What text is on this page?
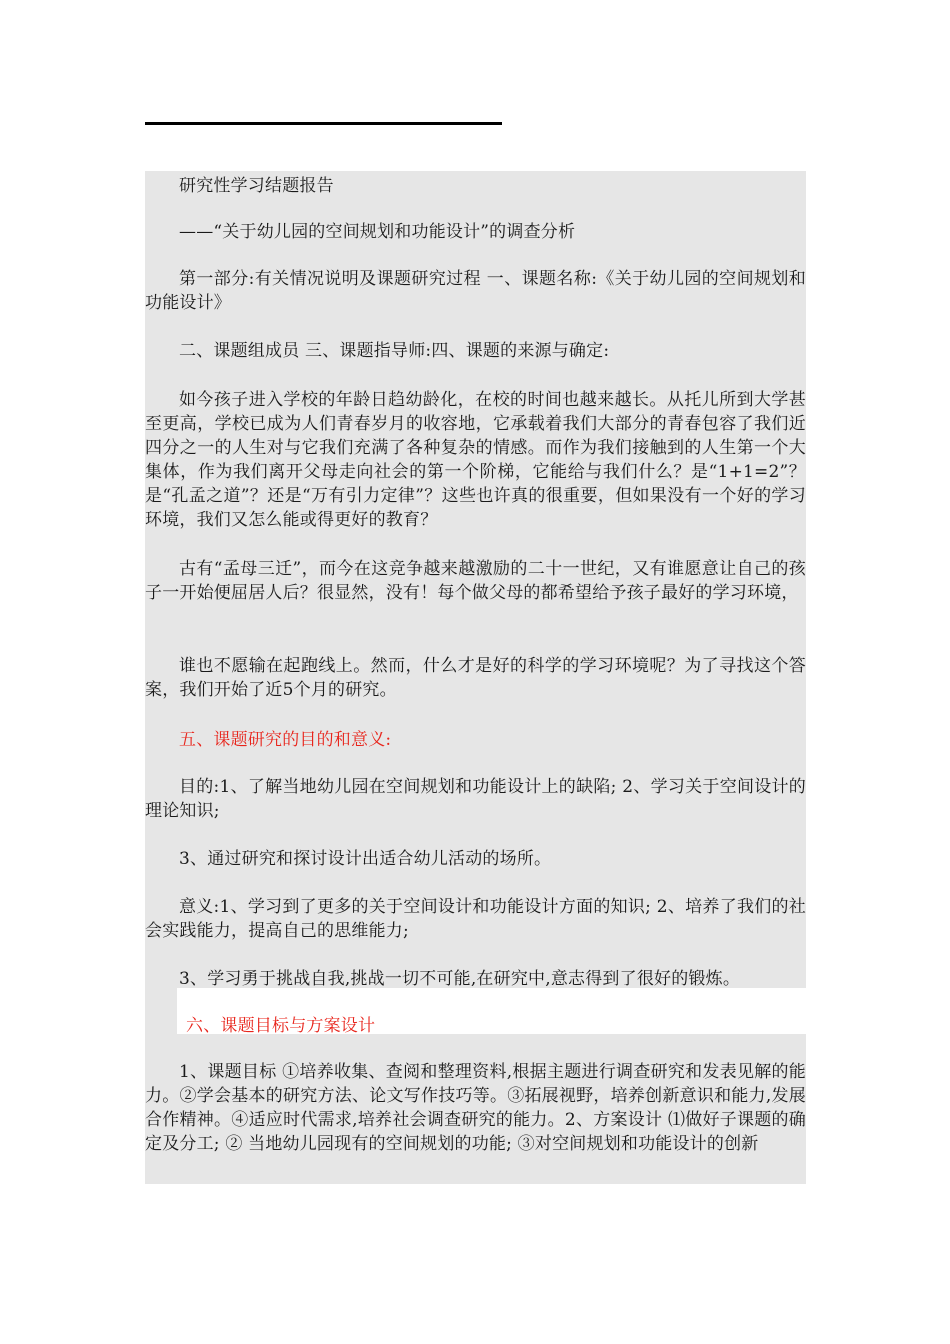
研究性学习结题报告
——“关于幼儿园的空间规划和功能设计”的调查分析
第一部分:有关情况说明及课题研究过程 一、课题名称:《关于幼儿园的空间规划和功能设计》
二、课题组成员 三、课题指导师:四、课题的来源与确定:
如今孩子进入学校的年龄日趋幼龄化，在校的时间也越来越长。从托儿所到大学甚至更高，学校已成为人们青春岁月的收容地，它承载着我们大部分的青春包容了我们近四分之一的人生对与它我们充满了各种复杂的情感。而作为我们接触到的人生第一个大集体，作为我们离开父母走向社会的第一个阶梯，它能给与我们什么？是“1+1=2”？是“孔孟之道”？还是“万有引力定律”？这些也许真的很重要，但如果没有一个好的学习环境，我们又怎么能或得更好的教育？
古有“孟母三迁”，而今在这竞争越来越激励的二十一世纪，又有谁愿意让自己的孩子一开始便屈居人后？很显然，没有！每个做父母的都希望给予孩子最好的学习环境，
谁也不愿输在起跑线上。然而，什么才是好的科学的学习环境呢？为了寻找这个答案，我们开始了近5个月的研究。
五、课题研究的目的和意义:
目的:1、了解当地幼儿园在空间规划和功能设计上的缺陷; 2、学习关于空间设计的理论知识;
3、通过研究和探讨设计出适合幼儿活动的场所。
意义:1、学习到了更多的关于空间设计和功能设计方面的知识; 2、培养了我们的社会实践能力，提高自己的思维能力;
3、学习勇于挑战自我,挑战一切不可能,在研究中,意志得到了很好的锻炼。
六、课题目标与方案设计
1、课题目标 ①培养收集、查阅和整理资料,根据主题进行调查研究和发表见解的能力。②学会基本的研究方法、论文写作技巧等。③拓展视野，培养创新意识和能力,发展合作精神。④适应时代需求,培养社会调查研究的能力。2、方案设计 ⑴做好子课题的确定及分工; ② 当地幼儿园现有的空间规划的功能; ③对空间规划和功能设计的创新
